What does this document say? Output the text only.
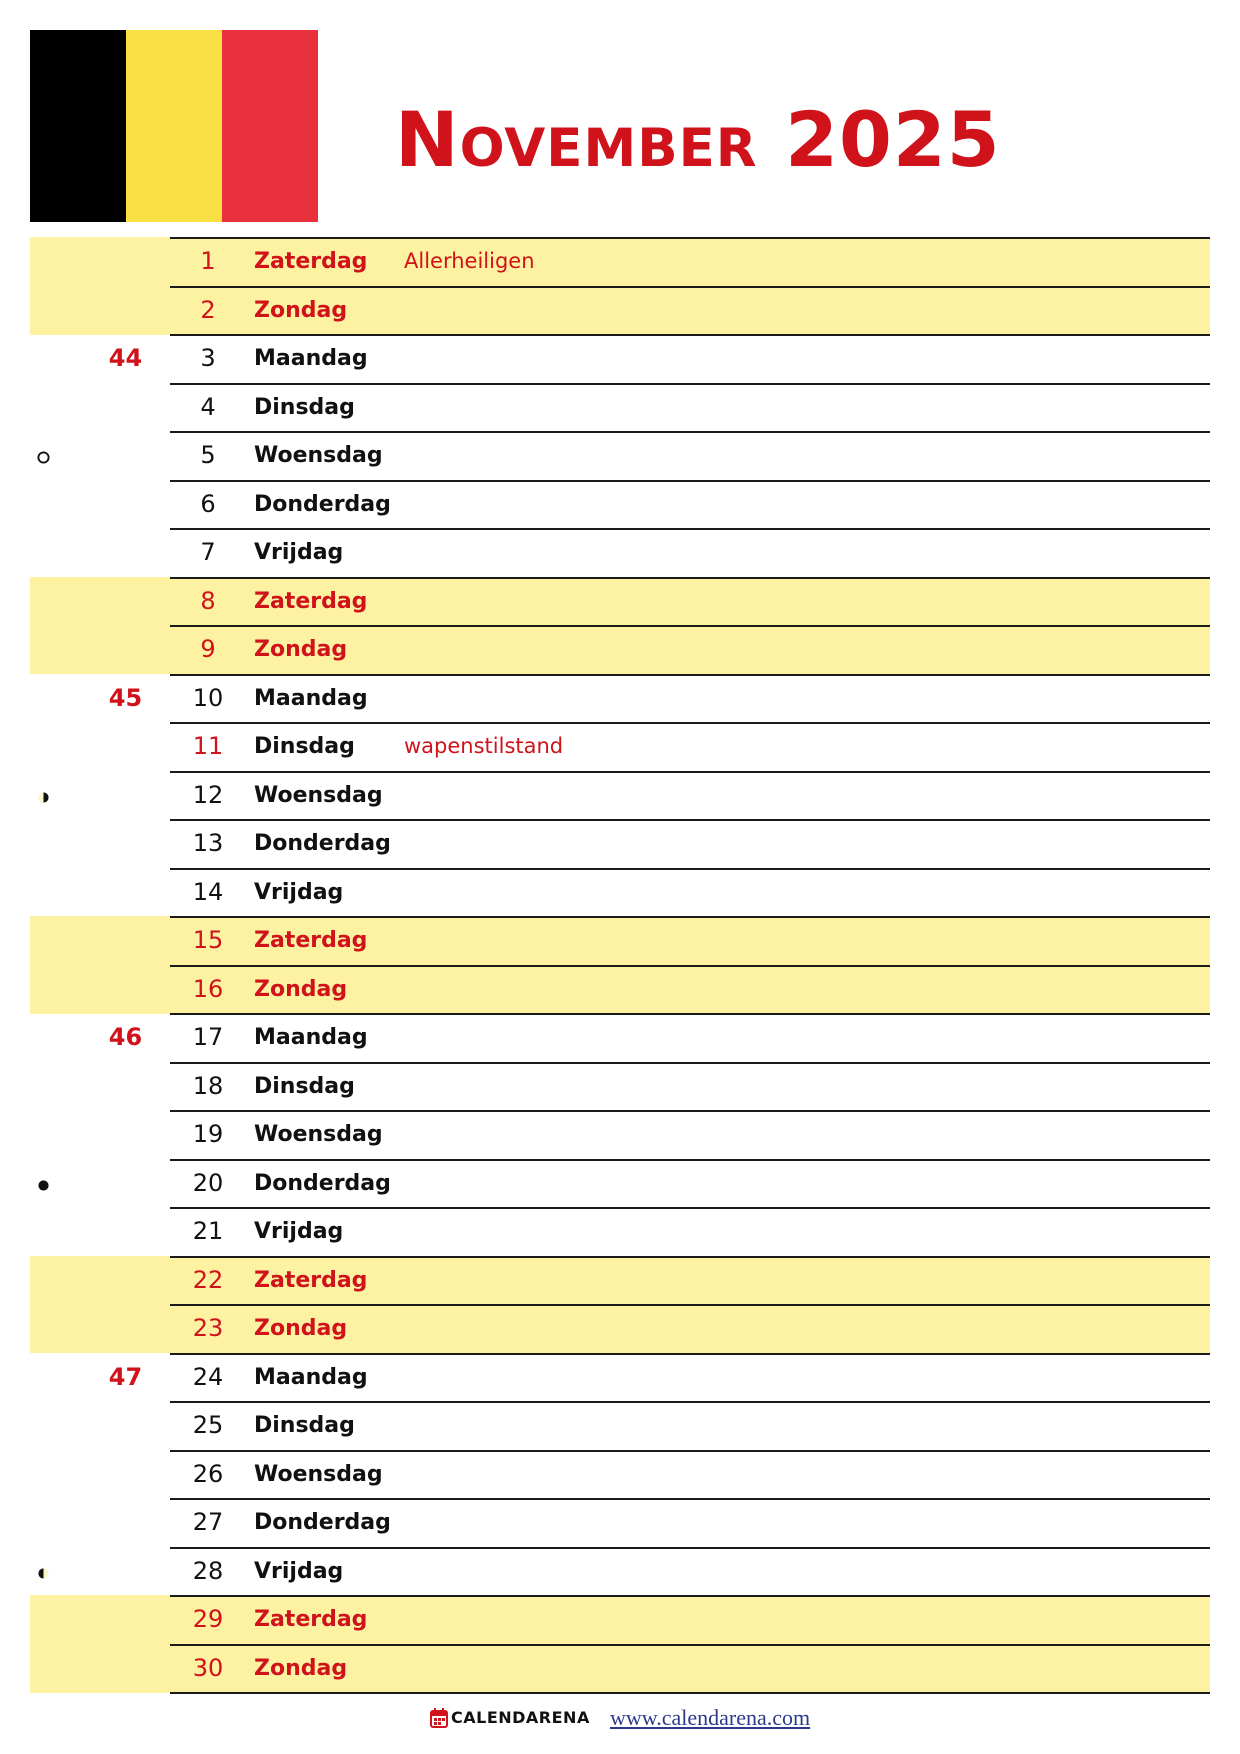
November 2025
1	Zaterdag Allerheiligen
2	Zondag
44	3	Maandag
4	Dinsdag
5	Woensdag
6	Donderdag
7	Vrijdag
8	Zaterdag
9	Zondag
45	10	Maandag
11	Dinsdag wapenstilstand
12	Woensdag
13	Donderdag
14	Vrijdag
15	Zaterdag
16	Zondag
46	17	Maandag
18	Dinsdag
19	Woensdag
20	Donderdag
21	Vrijdag
22	Zaterdag
23	Zondag
47	24	Maandag
25	Dinsdag
26	Woensdag
27	Donderdag
28	Vrijdag
29	Zaterdag
30	Zondag
CALENDARENA www.calendarena.com
